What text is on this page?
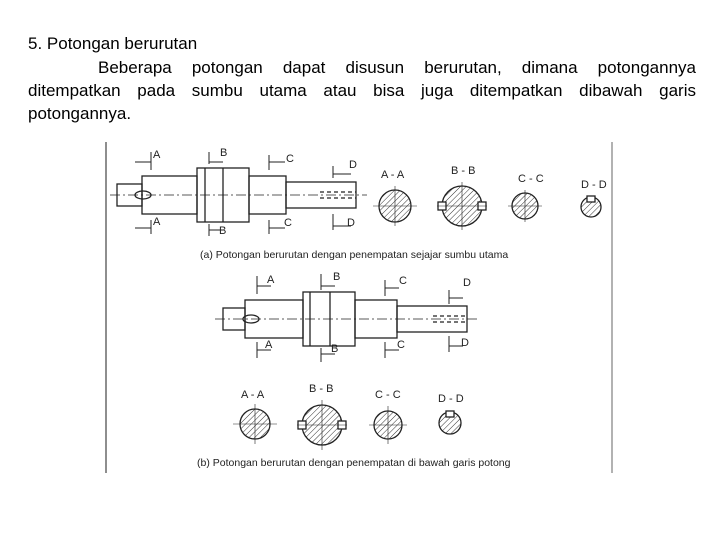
5. Potongan berurutan

Beberapa potongan dapat disusun berurutan, dimana potongannya ditempatkan pada sumbu utama atau bisa juga ditempatkan dibawah garis potongannya.

A
A
B
B
C
C
D
D
A - A	B - B
C - C	D - D
(a) Potongan berurutan dengan penempatan sejajar sumbu utama
A
A
B
B
C
C
D
D
A - A	B - B	C - C	D - D
(b) Potongan berurutan dengan penempatan di bawah garis potong
